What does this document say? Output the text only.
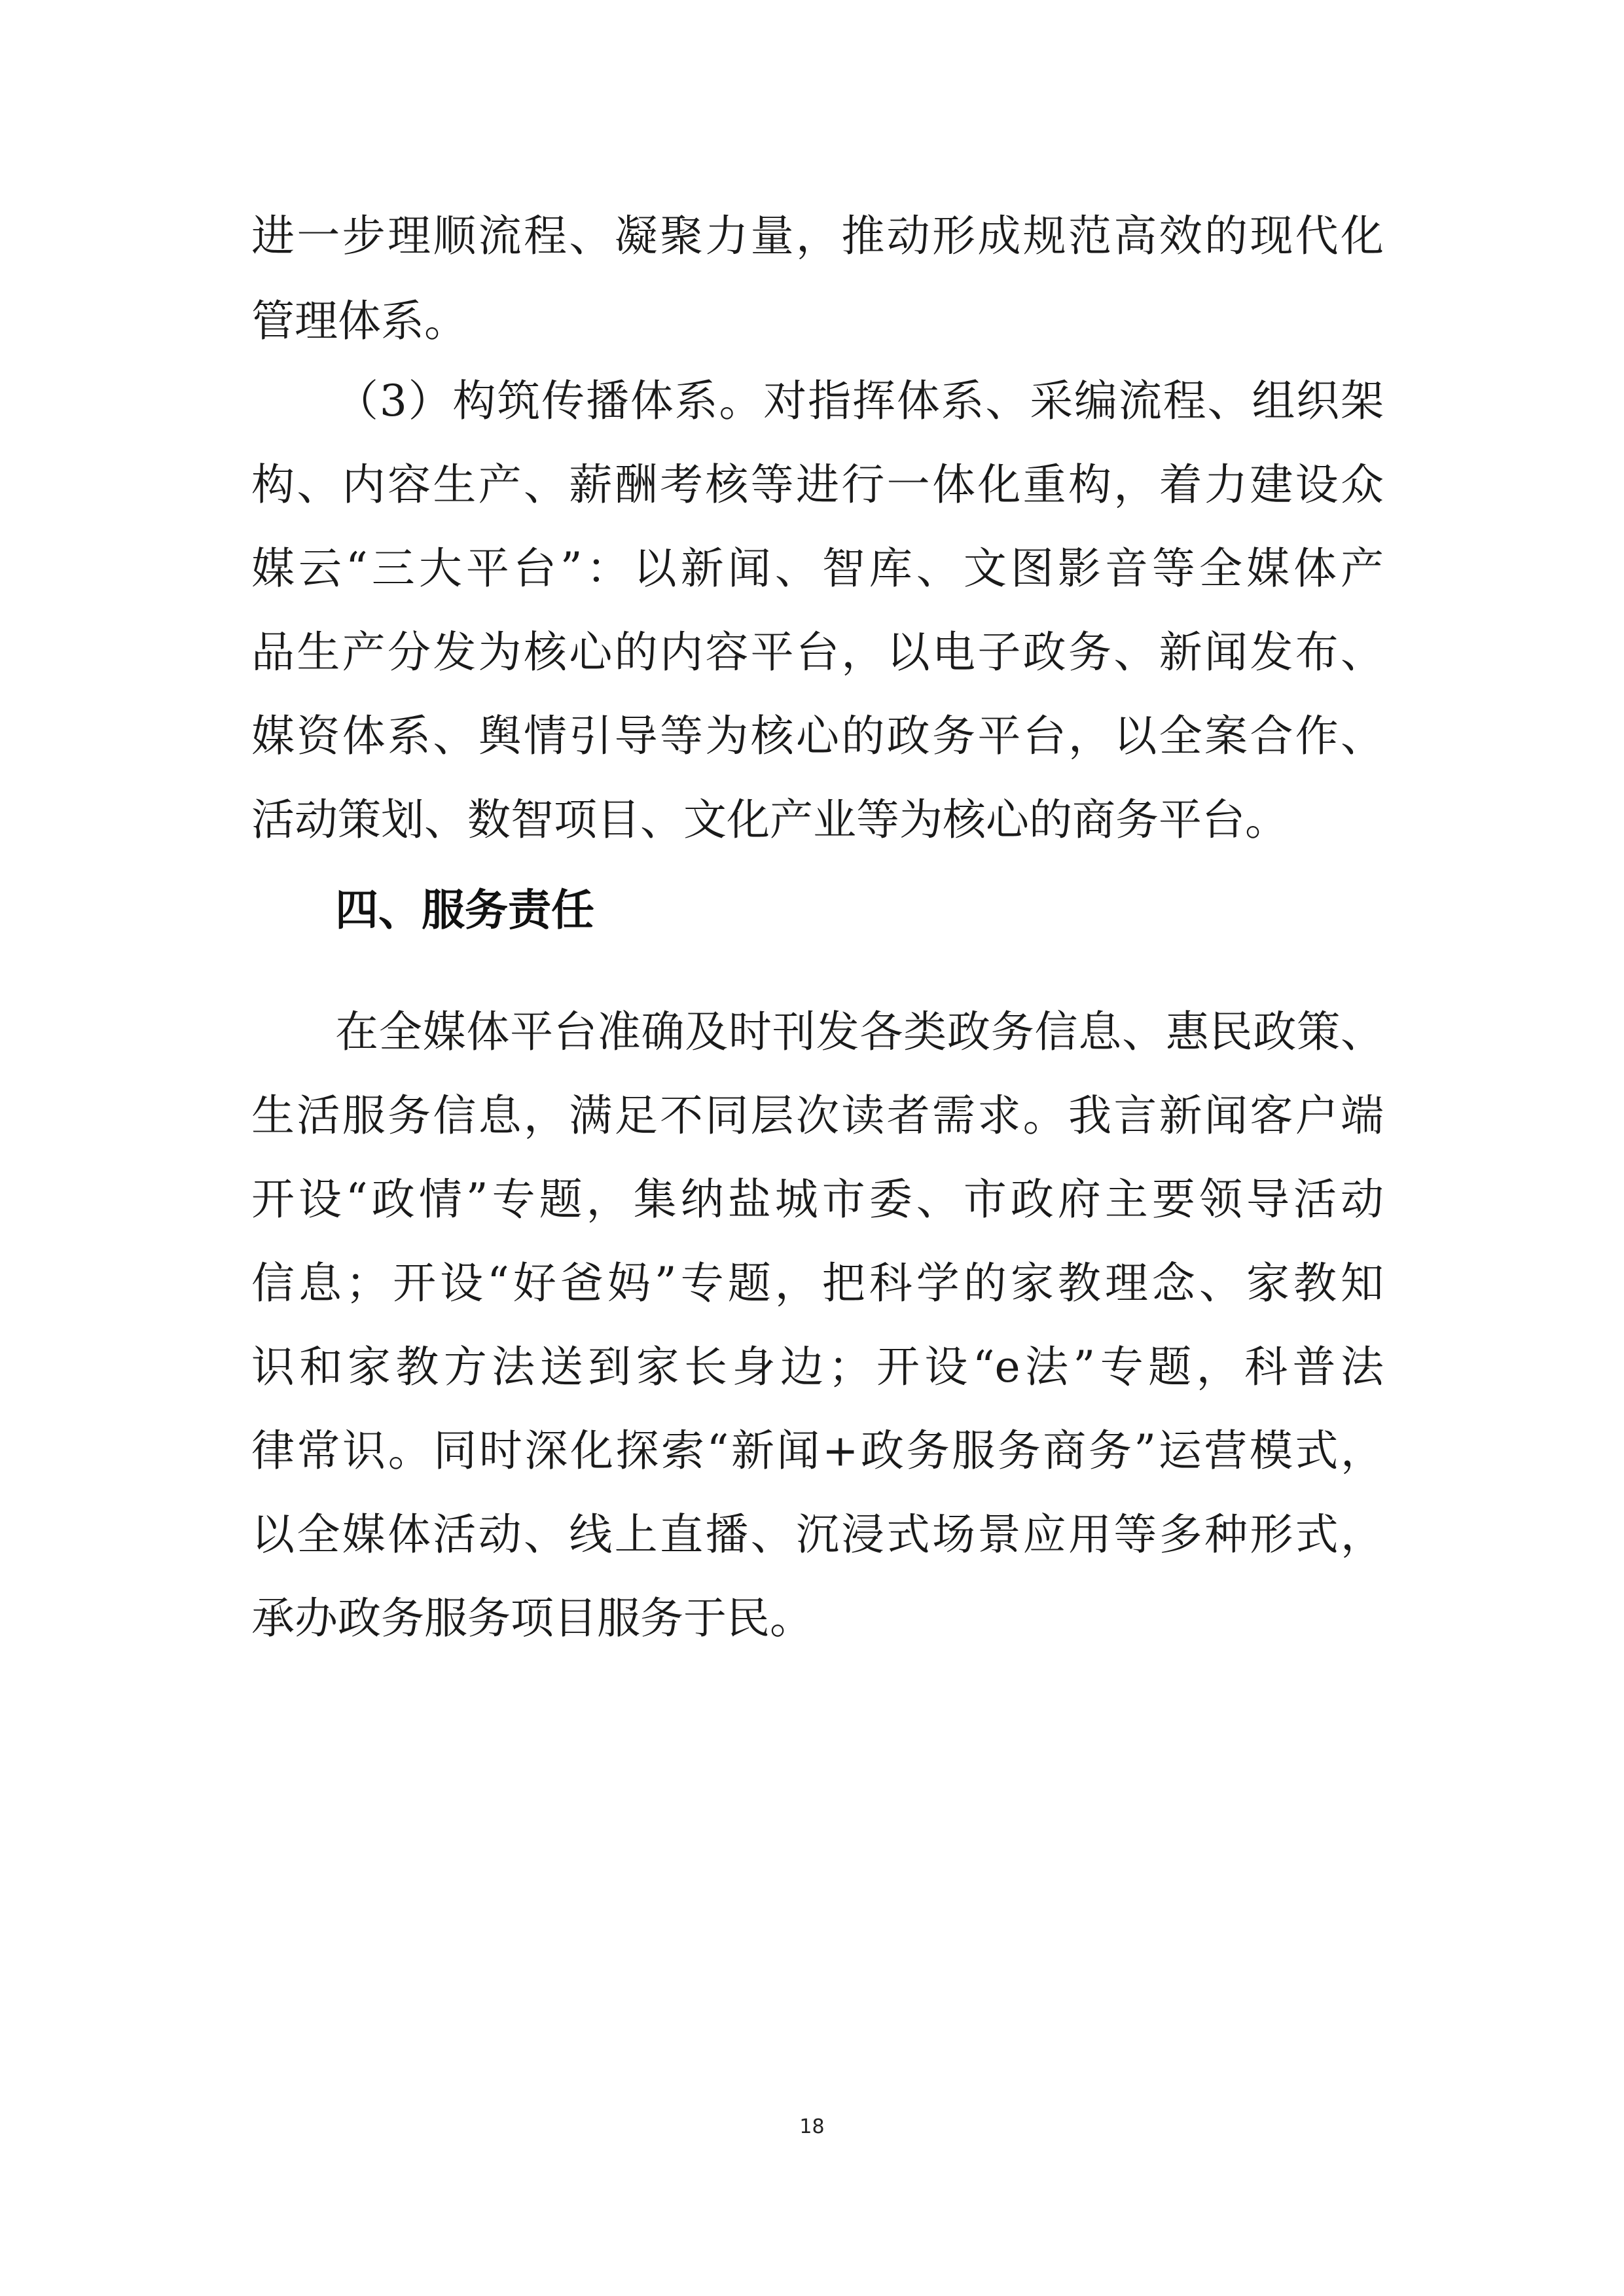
进一步理顺流程、凝聚力量，推动形成规范高效的现代化
管理体系。
（3）构筑传播体系。对指挥体系、采编流程、组织架
构、内容生产、薪酬考核等进行一体化重构，着力建设众
媒云“三大平台”：以新闻、智库、文图影音等全媒体产
品生产分发为核心的内容平台，以电子政务、新闻发布、
媒资体系、舆情引导等为核心的政务平台，以全案合作、
活动策划、数智项目、文化产业等为核心的商务平台。
四、服务责任
在全媒体平台准确及时刊发各类政务信息、惠民政策、
生活服务信息，满足不同层次读者需求。我言新闻客户端
开设“政情”专题，集纳盐城市委、市政府主要领导活动
信息；开设“好爸妈”专题，把科学的家教理念、家教知
识和家教方法送到家长身边；开设“e法”专题，科普法
律常识。同时深化探索“新闻+政务服务商务”运营模式，
以全媒体活动、线上直播、沉浸式场景应用等多种形式，
承办政务服务项目服务于民。
18
